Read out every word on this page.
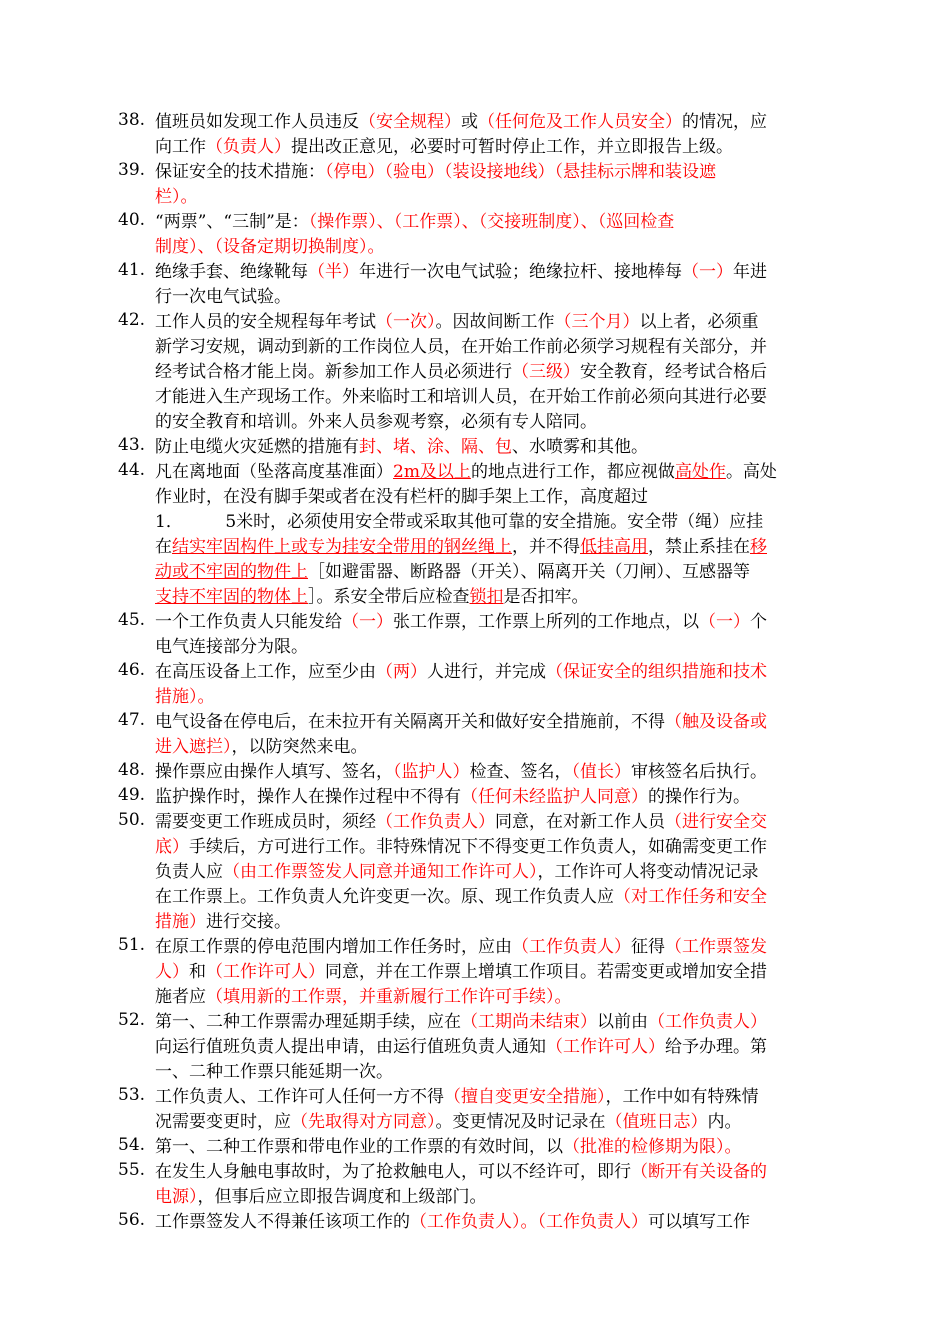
38. 值班员如发现工作人员违反（安全规程）或（任何危及工作人员安全）的情况，应
向工作（负责人）提出改正意见，必要时可暂时停止工作，并立即报告上级。
39. 保证安全的技术措施：（停电）（验电）（装设接地线）（悬挂标示牌和装设遮
栏）。
40. “两票”、“三制”是：（操作票）、（工作票）、（交接班制度）、（巡回检查
制度）、（设备定期切换制度）。
41. 绝缘手套、绝缘靴每（半）年进行一次电气试验；绝缘拉杆、接地棒每（一）年进
行一次电气试验。
42. 工作人员的安全规程每年考试（一次）。因故间断工作（三个月）以上者，必须重
新学习安规，调动到新的工作岗位人员，在开始工作前必须学习规程有关部分，并
经考试合格才能上岗。新参加工作人员必须进行（三级）安全教育，经考试合格后
才能进入生产现场工作。外来临时工和培训人员，在开始工作前必须向其进行必要
的安全教育和培训。外来人员参观考察，必须有专人陪同。
43. 防止电缆火灾延燃的措施有封、堵、涂、隔、包、水喷雾和其他。
44. 凡在离地面（坠落高度基准面）2m及以上的地点进行工作，都应视做高处作。高处
作业时，在没有脚手架或者在没有栏杆的脚手架上工作，高度超过
1．　　　5米时，必须使用安全带或采取其他可靠的安全措施。安全带（绳）应挂
在结实牢固构件上或专为挂安全带用的钢丝绳上，并不得低挂高用，禁止系挂在移
动或不牢固的物件上［如避雷器、断路器（开关）、隔离开关（刀闸）、互感器等
支持不牢固的物体上］。系安全带后应检查锁扣是否扣牢。
45. 一个工作负责人只能发给（一）张工作票，工作票上所列的工作地点，以（一）个
电气连接部分为限。
46. 在高压设备上工作，应至少由（两）人进行，并完成（保证安全的组织措施和技术
措施）。
47. 电气设备在停电后，在未拉开有关隔离开关和做好安全措施前，不得（触及设备或
进入遮拦），以防突然来电。
48. 操作票应由操作人填写、签名，（监护人）检查、签名，（值长）审核签名后执行。
49. 监护操作时，操作人在操作过程中不得有（任何未经监护人同意）的操作行为。
50. 需要变更工作班成员时，须经（工作负责人）同意，在对新工作人员（进行安全交
底）手续后，方可进行工作。非特殊情况下不得变更工作负责人，如确需变更工作
负责人应（由工作票签发人同意并通知工作许可人），工作许可人将变动情况记录
在工作票上。工作负责人允许变更一次。原、现工作负责人应（对工作任务和安全
措施）进行交接。
51. 在原工作票的停电范围内增加工作任务时，应由（工作负责人）征得（工作票签发
人）和（工作许可人）同意，并在工作票上增填工作项目。若需变更或增加安全措
施者应（填用新的工作票，并重新履行工作许可手续）。
52. 第一、二种工作票需办理延期手续，应在（工期尚未结束）以前由（工作负责人）
向运行值班负责人提出申请，由运行值班负责人通知（工作许可人）给予办理。第
一、二种工作票只能延期一次。
53. 工作负责人、工作许可人任何一方不得（擅自变更安全措施），工作中如有特殊情
况需要变更时，应（先取得对方同意）。变更情况及时记录在（值班日志）内。
54. 第一、二种工作票和带电作业的工作票的有效时间，以（批准的检修期为限）。
55. 在发生人身触电事故时，为了抢救触电人，可以不经许可，即行（断开有关设备的
电源），但事后应立即报告调度和上级部门。
56. 工作票签发人不得兼任该项工作的（工作负责人）。（工作负责人）可以填写工作
